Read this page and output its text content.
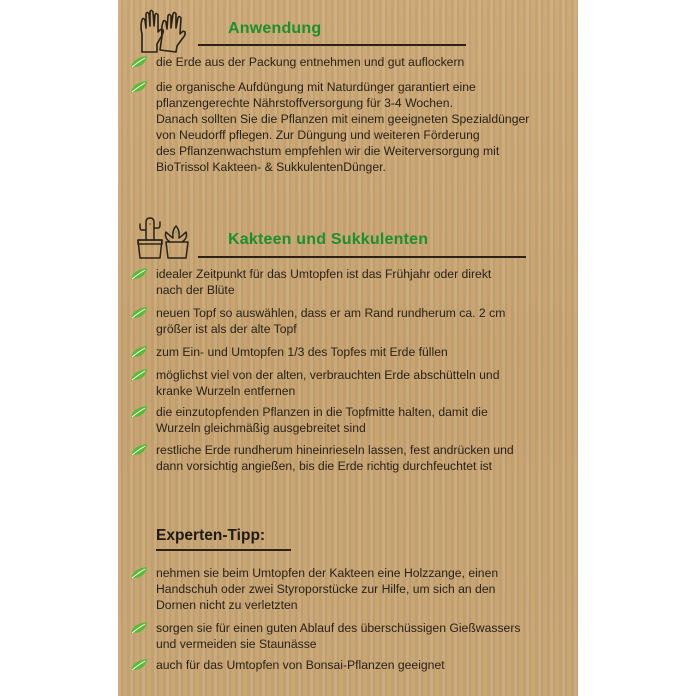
Anwendung
die Erde aus der Packung entnehmen und gut auflockern
die organische Aufdüngung mit Naturdünger garantiert eine
pflanzengerechte Nährstoffversorgung für 3-4 Wochen.
Danach sollten Sie die Pflanzen mit einem geeigneten Spezialdünger
von Neudorff pflegen. Zur Düngung und weiteren Förderung
des Pflanzenwachstum empfehlen wir die Weiterversorgung mit
BioTrissol Kakteen- & SukkulentenDünger.
Kakteen und Sukkulenten
idealer Zeitpunkt für das Umtopfen ist das Frühjahr oder direkt
nach der Blüte
neuen Topf so auswählen, dass er am Rand rundherum ca. 2 cm
größer ist als der alte Topf
zum Ein- und Umtopfen 1/3 des Topfes mit Erde füllen
möglichst viel von der alten, verbrauchten Erde abschütteln und
kranke Wurzeln entfernen
die einzutopfenden Pflanzen in die Topfmitte halten, damit die
Wurzeln gleichmäßig ausgebreitet sind
restliche Erde rundherum hineinrieseln lassen, fest andrücken und
dann vorsichtig angießen, bis die Erde richtig durchfeuchtet ist
Experten-Tipp:
nehmen sie beim Umtopfen der Kakteen eine Holzzange, einen
Handschuh oder zwei Styroporstücke zur Hilfe, um sich an den
Dornen nicht zu verletzten
sorgen sie für einen guten Ablauf des überschüssigen Gießwassers
und vermeiden sie Staunässe
auch für das Umtopfen von Bonsai-Pflanzen geeignet
